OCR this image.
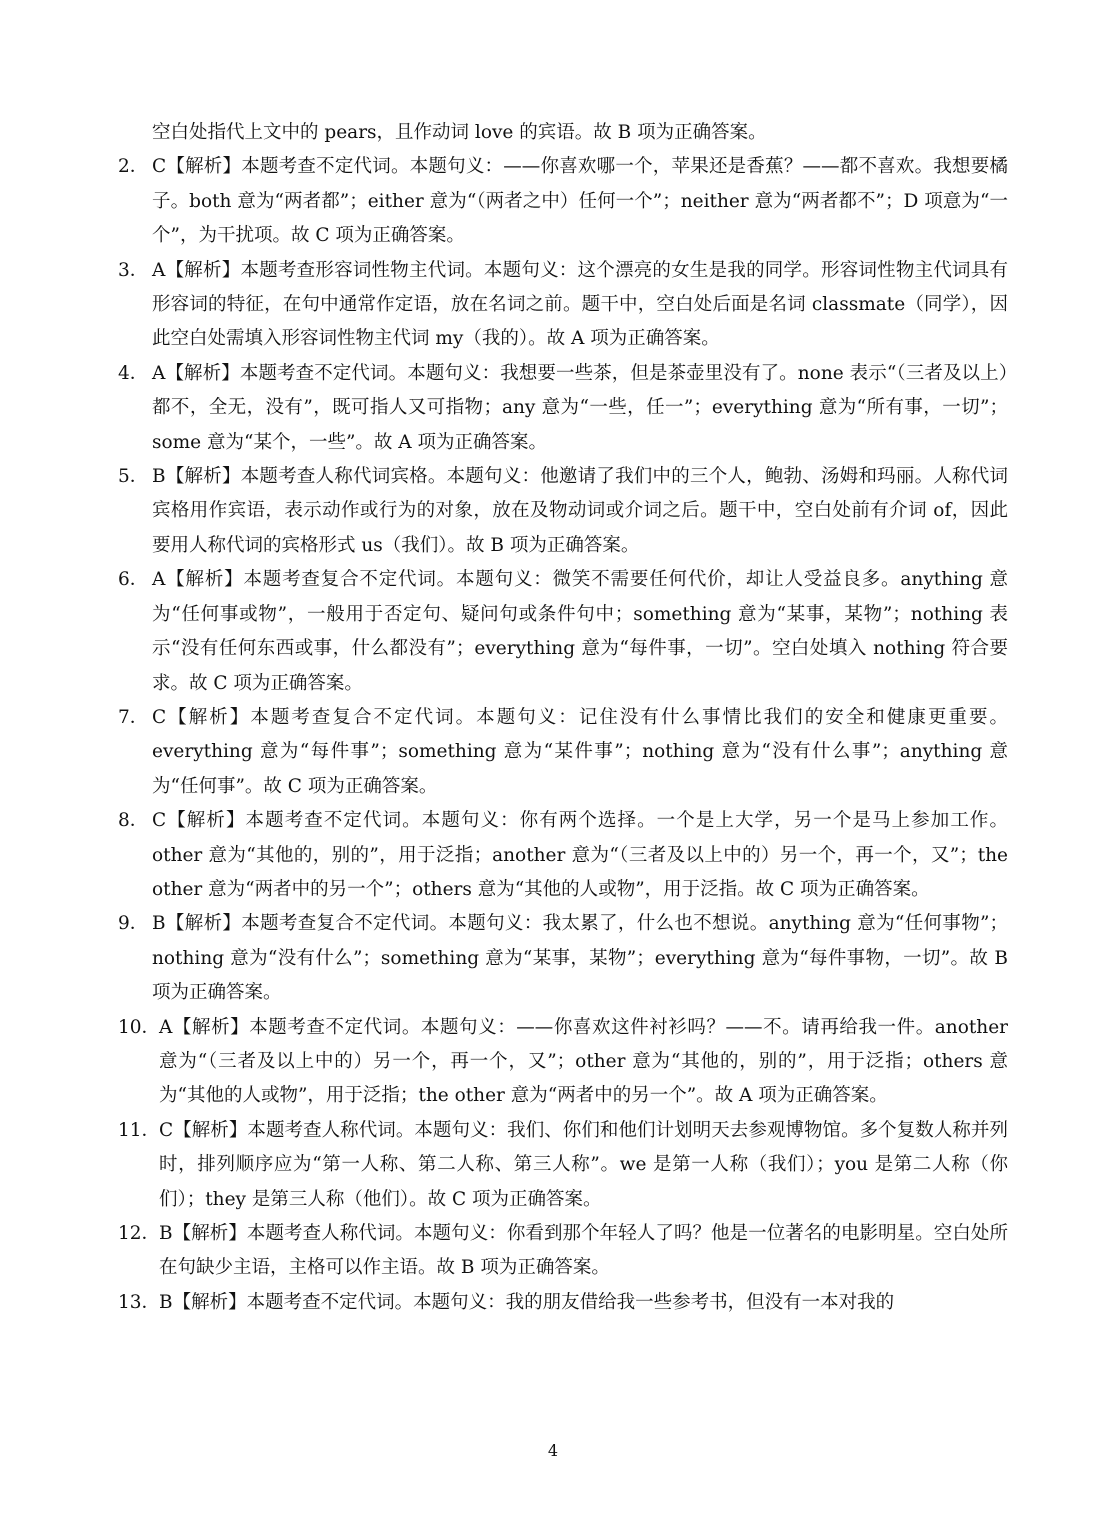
空白处指代上文中的 pears，且作动词 love 的宾语。故 B 项为正确答案。
2． C【解析】本题考查不定代词。本题句义：——你喜欢哪一个，苹果还是香蕉？——都不喜欢。我想要橘子。both 意为“两者都”；either 意为“（两者之中）任何一个”；neither 意为“两者都不”；D 项意为“一个”，为干扰项。故 C 项为正确答案。
3． A【解析】本题考查形容词性物主代词。本题句义：这个漂亮的女生是我的同学。形容词性物主代词具有形容词的特征，在句中通常作定语，放在名词之前。题干中，空白处后面是名词 classmate（同学），因此空白处需填入形容词性物主代词 my（我的）。故 A 项为正确答案。
4． A【解析】本题考查不定代词。本题句义：我想要一些茶，但是茶壶里没有了。none 表示“（三者及以上）都不，全无，没有”，既可指人又可指物；any 意为“一些，任一”；everything 意为“所有事，一切”；some 意为“某个，一些”。故 A 项为正确答案。
5． B【解析】本题考查人称代词宾格。本题句义：他邀请了我们中的三个人，鲍勃、汤姆和玛丽。人称代词宾格用作宾语，表示动作或行为的对象，放在及物动词或介词之后。题干中，空白处前有介词 of，因此要用人称代词的宾格形式 us（我们）。故 B 项为正确答案。
6． A【解析】本题考查复合不定代词。本题句义：微笑不需要任何代价，却让人受益良多。anything 意为“任何事或物”，一般用于否定句、疑问句或条件句中；something 意为“某事，某物”；nothing 表示“没有任何东西或事，什么都没有”；everything 意为“每件事，一切”。空白处填入 nothing 符合要求。故 C 项为正确答案。
7． C【解析】本题考查复合不定代词。本题句义：记住没有什么事情比我们的安全和健康更重要。everything 意为“每件事”；something 意为“某件事”；nothing 意为“没有什么事”；anything 意为“任何事”。故 C 项为正确答案。
8． C【解析】本题考查不定代词。本题句义：你有两个选择。一个是上大学，另一个是马上参加工作。other 意为“其他的，别的”，用于泛指；another 意为“（三者及以上中的）另一个，再一个，又”；the other 意为“两者中的另一个”；others 意为“其他的人或物”，用于泛指。故 C 项为正确答案。
9． B【解析】本题考查复合不定代词。本题句义：我太累了，什么也不想说。anything 意为“任何事物”；nothing 意为“没有什么”；something 意为“某事，某物”；everything 意为“每件事物，一切”。故 B 项为正确答案。
10．
A【解析】本题考查不定代词。本题句义：——你喜欢这件衬衫吗？——不。请再给我一件。another 意为“（三者及以上中的）另一个，再一个，又”；other 意为“其他的，别的”，用于泛指；others 意为“其他的人或物”，用于泛指；the other 意为“两者中的另一个”。故 A 项为正确答案。
11．
C【解析】本题考查人称代词。本题句义：我们、你们和他们计划明天去参观博物馆。多个复数人称并列时，排列顺序应为“第一人称、第二人称、第三人称”。we 是第一人称（我们）；you 是第二人称（你们）；they 是第三人称（他们）。故 C 项为正确答案。
12．
B【解析】本题考查人称代词。本题句义：你看到那个年轻人了吗？他是一位著名的电影明星。空白处所在句缺少主语，主格可以作主语。故 B 项为正确答案。
13．
B【解析】本题考查不定代词。本题句义：我的朋友借给我一些参考书，但没有一本对我的
4
